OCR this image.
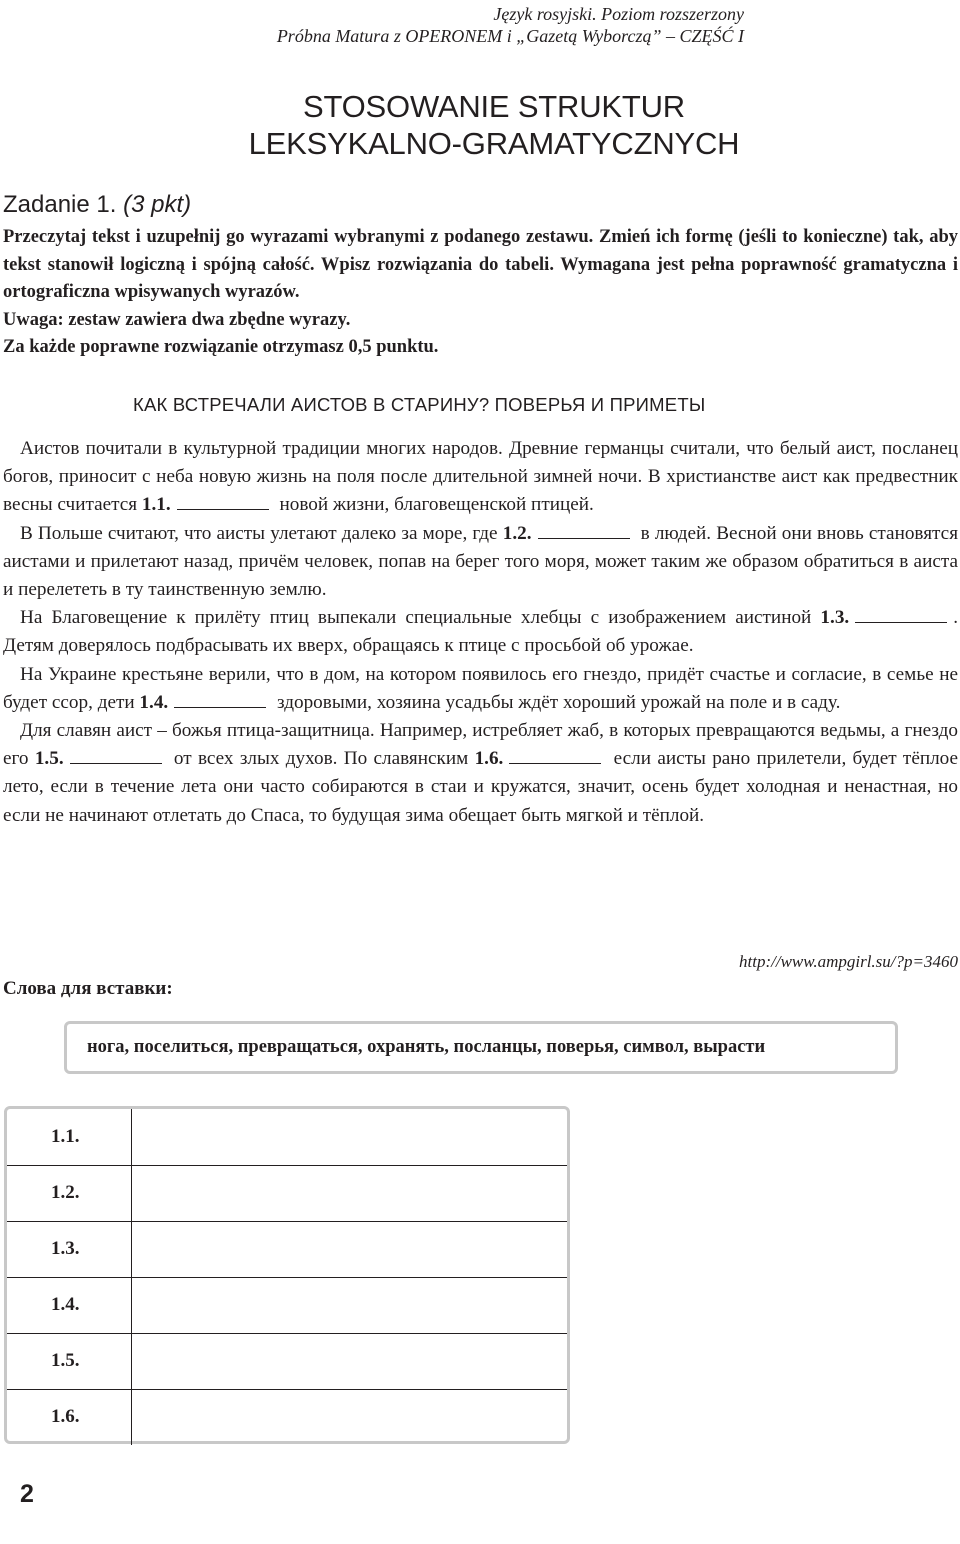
Język rosyjski. Poziom rozszerzony
Próbna Matura z OPERONEM i „Gazetą Wyborczą” – CZĘŚĆ I
STOSOWANIE STRUKTUR
LEKSYKALNO-GRAMATYCZNYCH
Zadanie 1. (3 pkt)

Przeczytaj tekst i uzupełnij go wyrazami wybranymi z podanego zestawu. Zmień ich formę (jeśli to konieczne) tak, aby tekst stanowił logiczną i spójną całość. Wpisz rozwiązania do tabeli. Wymagana jest pełna poprawność gramatyczna i ortograficzna wpisywanych wyrazów.

Uwaga: zestaw zawiera dwa zbędne wyrazy.

Za każde poprawne rozwiązanie otrzymasz 0,5 punktu.

КАК ВСТРЕЧАЛИ АИСТОВ В СТАРИНУ? ПОВЕРЬЯ И ПРИМЕТЫ

Аистов почитали в культурной традиции многих народов. Древние германцы считали, что белый аист, посланец богов, приносит с неба новую жизнь на поля после длительной зимней ночи. В христианстве аист как предвестник весны считается 1.1.	новой жизни, благовещенской птицей.

В Польше считают, что аисты улетают далеко за море, где 1.2.	в людей. Весной они вновь становятся аистами и прилетают назад, причём человек, попав на берег того моря, может таким же образом обратиться в аиста и перелететь в ту таинственную землю.

На Благовещение к прилёту птиц выпекали специальные хлебцы с изображением аистиной 1.3.	. Детям доверялось подбрасывать их вверх, обращаясь к птице с просьбой об урожае.

На Украине крестьяне верили, что в дом, на котором появилось его гнездо, придёт счастье и согласие, в семье не будет ссор, дети 1.4.	здоровыми, хозяина усадьбы ждёт хороший урожай на поле и в саду.

Для славян аист – божья птица-защитница. Например, истребляет жаб, в которых превращаются ведьмы, а гнездо его 1.5.	от всех злых духов. По славянским 1.6.	если аисты рано прилетели, будет тёплое лето, если в течение лета они часто собираются в стаи и кружатся, значит, осень будет холодная и ненастная, но если не начинают отлетать до Спаса, то будущая зима обещает быть мягкой и тёплой.

http://www.ampgirl.su/?p=3460
Слова для вставки:
нога, поселиться, превращаться, охранять, посланцы, поверья, символ, вырасти
1.1.
1.2.
1.3.
1.4.
1.5.
1.6.
2
